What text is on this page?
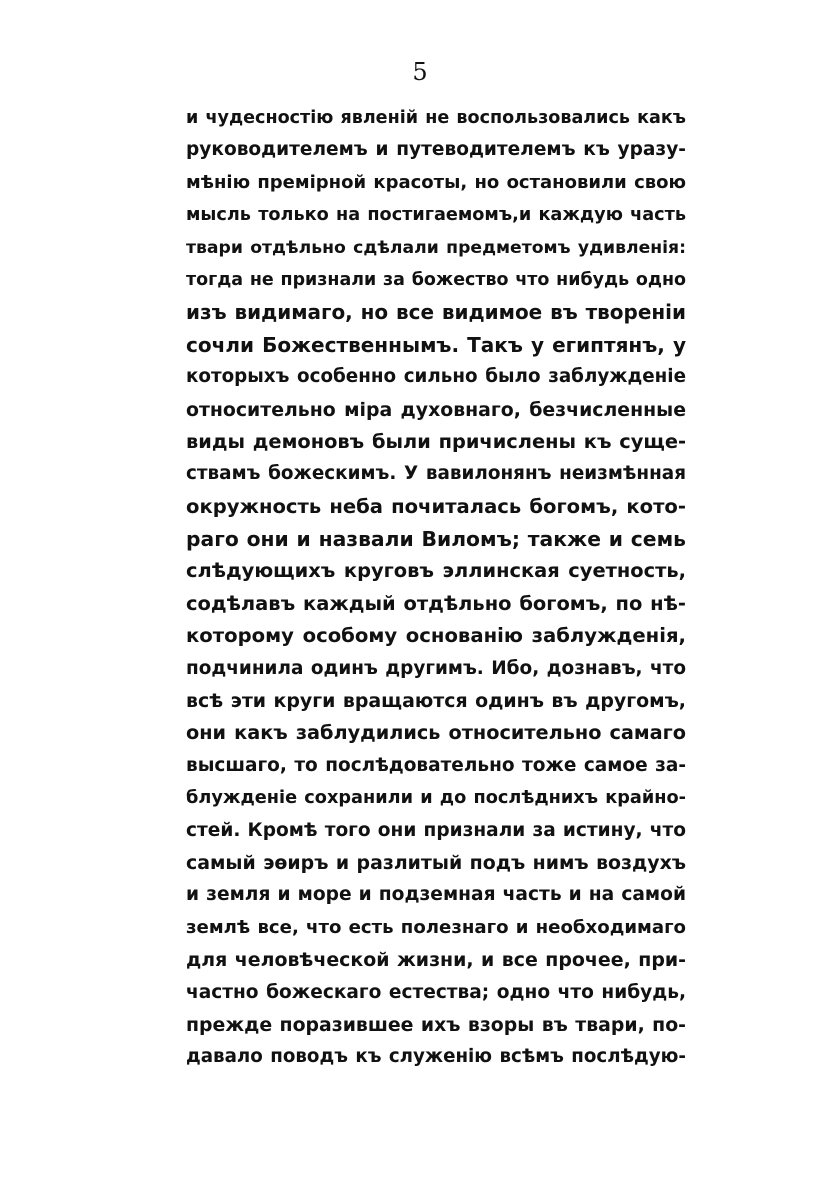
5
и чудесностію явленій не воспользовались какъ
руководителемъ и путеводителемъ къ уразу-
мѣнію премірной красоты, но остановили свою
мысль только на постигаемомъ,и каждую часть
твари отдѣльно сдѣлали предметомъ удивленія:
тогда не признали за божество что нибудь одно
изъ видимаго, но все видимое въ твореніи
сочли Божественнымъ. Такъ у египтянъ, у
которыхъ особенно сильно было заблужденіе
относительно міра духовнаго, безчисленные
виды демоновъ были причислены къ суще-
ствамъ божескимъ. У вавилонянъ неизмѣнная
окружность неба почиталась богомъ, кото-
раго они и назвали Виломъ; также и семь
слѣдующихъ круговъ эллинская суетность,
содѣлавъ каждый отдѣльно богомъ, по нѣ-
которому особому основанію заблужденія,
подчинила одинъ другимъ. Ибо, дознавъ, что
всѣ эти круги вращаются одинъ въ другомъ,
они какъ заблудились относительно самаго
высшаго, то послѣдовательно тоже самое за-
блужденіе сохранили и до послѣднихъ крайно-
стей. Кромѣ того они признали за истину, что
самый эѳиръ и разлитый подъ нимъ воздухъ
и земля и море и подземная часть и на самой
землѣ все, что есть полезнаго и необходимаго
для человѣческой жизни, и все прочее, при-
частно божескаго естества; одно что нибудь,
прежде поразившее ихъ взоры въ твари, по-
давало поводъ къ служенію всѣмъ послѣдую-
